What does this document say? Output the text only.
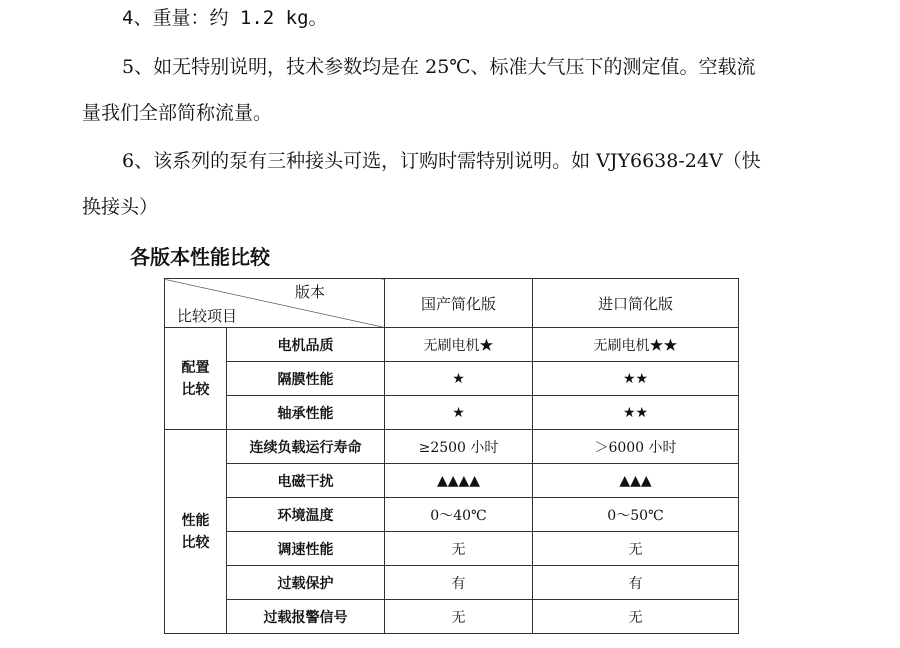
4、重量：约 1.2 kg。
5、如无特别说明，技术参数均是在 25℃、标准大气压下的测定值。空载流
量我们全部简称流量。
6、该系列的泵有三种接头可选，订购时需特别说明。如 VJY6638-24V（快
换接头）
各版本性能比较
版本
比较项目		国产简化版	进口简化版

配置
比较	电机品质	无刷电机★	无刷电机★★
	隔膜性能	★	★★
	轴承性能	★	★★

性能
比较	连续负载运行寿命	≥2500 小时	＞6000 小时
	电磁干扰	▲▲▲▲	▲▲▲
	环境温度	0～40℃	0～50℃
	调速性能	无	无
	过载保护	有	有
	过载报警信号	无	无
